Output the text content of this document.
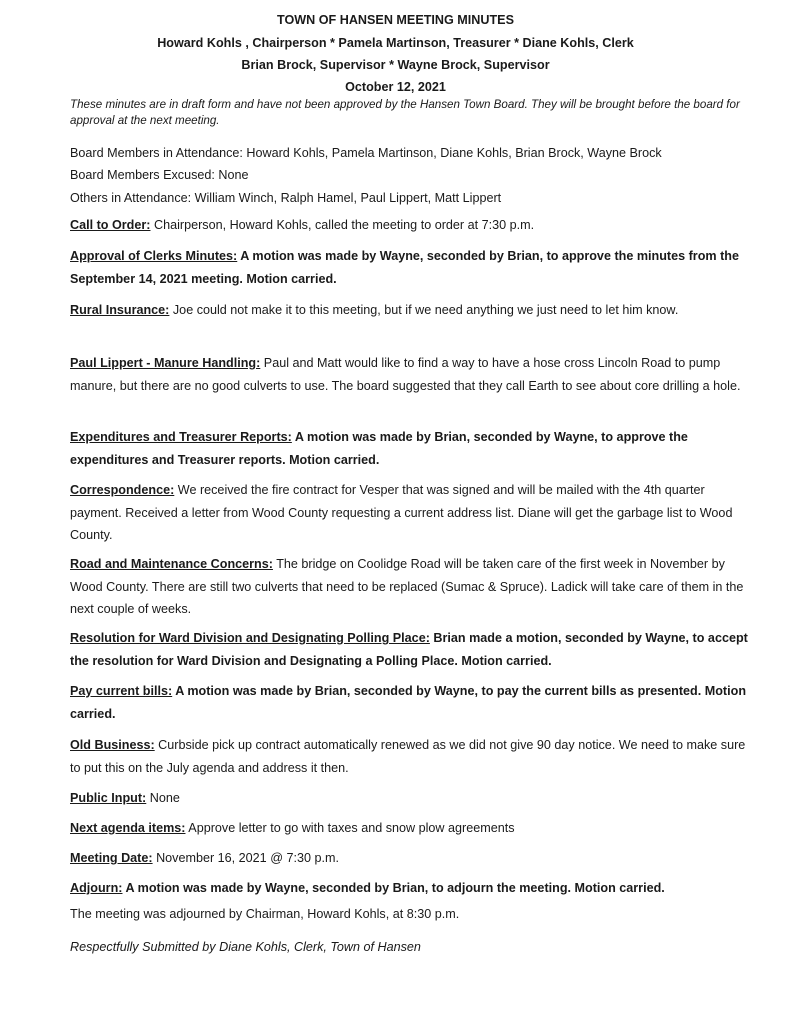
TOWN OF HANSEN MEETING MINUTES
Howard Kohls , Chairperson * Pamela Martinson, Treasurer * Diane Kohls, Clerk
Brian Brock, Supervisor * Wayne Brock, Supervisor
October 12, 2021
These minutes are in draft form and have not been approved by the Hansen Town Board. They will be brought before the board for approval at the next meeting.
Board Members in Attendance: Howard Kohls, Pamela Martinson, Diane Kohls, Brian Brock, Wayne Brock
Board Members Excused: None
Others in Attendance: William Winch, Ralph Hamel, Paul Lippert, Matt Lippert
Call to Order: Chairperson, Howard Kohls, called the meeting to order at 7:30 p.m.
Approval of Clerks Minutes: A motion was made by Wayne, seconded by Brian, to approve the minutes from the September 14, 2021 meeting. Motion carried.
Rural Insurance: Joe could not make it to this meeting, but if we need anything we just need to let him know.
Paul Lippert - Manure Handling: Paul and Matt would like to find a way to have a hose cross Lincoln Road to pump manure, but there are no good culverts to use. The board suggested that they call Earth to see about core drilling a hole.
Expenditures and Treasurer Reports: A motion was made by Brian, seconded by Wayne, to approve the expenditures and Treasurer reports. Motion carried.
Correspondence: We received the fire contract for Vesper that was signed and will be mailed with the 4th quarter payment. Received a letter from Wood County requesting a current address list. Diane will get the garbage list to Wood County.
Road and Maintenance Concerns: The bridge on Coolidge Road will be taken care of the first week in November by Wood County. There are still two culverts that need to be replaced (Sumac & Spruce). Ladick will take care of them in the next couple of weeks.
Resolution for Ward Division and Designating Polling Place: Brian made a motion, seconded by Wayne, to accept the resolution for Ward Division and Designating a Polling Place. Motion carried.
Pay current bills: A motion was made by Brian, seconded by Wayne, to pay the current bills as presented. Motion carried.
Old Business: Curbside pick up contract automatically renewed as we did not give 90 day notice. We need to make sure to put this on the July agenda and address it then.
Public Input: None
Next agenda items: Approve letter to go with taxes and snow plow agreements
Meeting Date: November 16, 2021 @ 7:30 p.m.
Adjourn: A motion was made by Wayne, seconded by Brian, to adjourn the meeting. Motion carried.
The meeting was adjourned by Chairman, Howard Kohls, at 8:30 p.m.
Respectfully Submitted by Diane Kohls, Clerk, Town of Hansen
